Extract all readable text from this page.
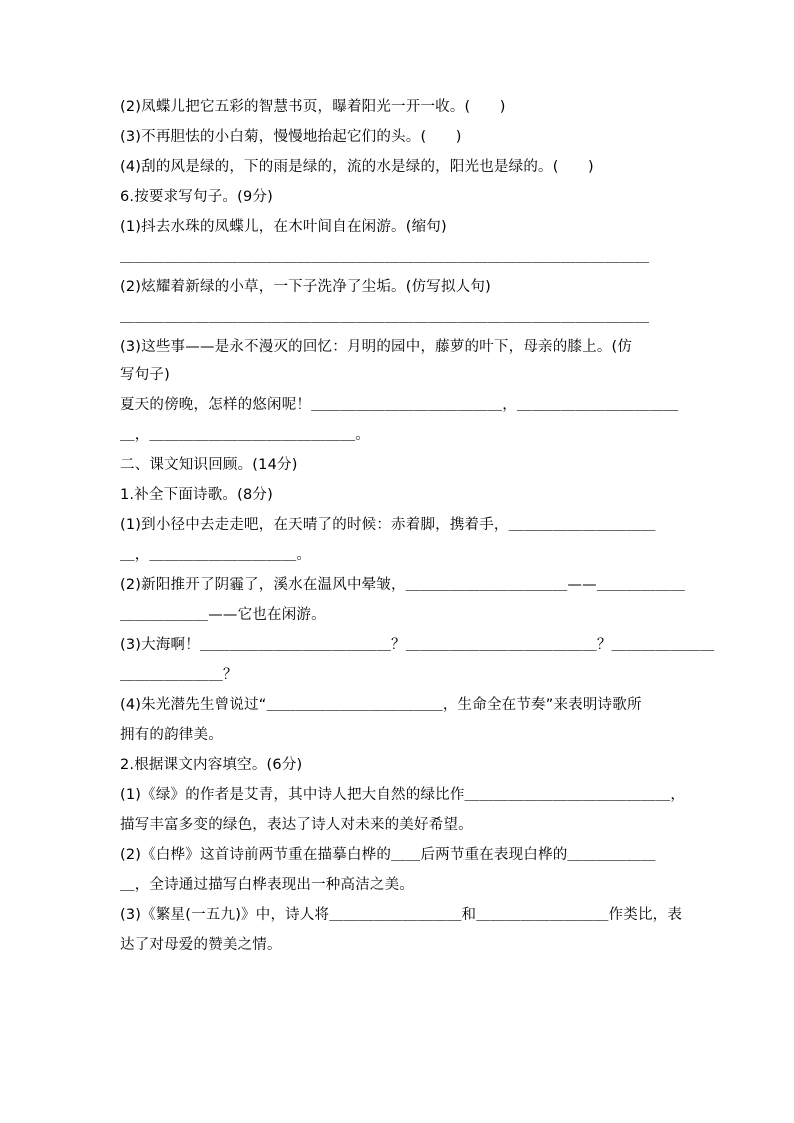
(2)凤蝶儿把它五彩的智慧书页，曝着阳光一开一收。(　　)

(3)不再胆怯的小白菊，慢慢地抬起它们的头。(　　)

(4)刮的风是绿的，下的雨是绿的，流的水是绿的，阳光也是绿的。(　　)

6.按要求写句子。(9分)

(1)抖去水珠的凤蝶儿，在木叶间自在闲游。(缩句)

＿＿＿＿＿＿＿＿＿＿＿＿＿＿＿＿＿＿＿＿＿＿＿＿＿＿＿＿＿＿＿＿＿＿＿＿

(2)炫耀着新绿的小草，一下子洗净了尘垢。(仿写拟人句)

＿＿＿＿＿＿＿＿＿＿＿＿＿＿＿＿＿＿＿＿＿＿＿＿＿＿＿＿＿＿＿＿＿＿＿＿

(3)这些事——是永不漫灭的回忆：月明的园中，藤萝的叶下，母亲的膝上。(仿

写句子)

夏天的傍晚，怎样的悠闲呢！＿＿＿＿＿＿＿＿＿＿＿＿＿，＿＿＿＿＿＿＿＿＿＿＿

＿，＿＿＿＿＿＿＿＿＿＿＿＿＿＿。

二、课文知识回顾。(14分)

1.补全下面诗歌。(8分)

(1)到小径中去走走吧，在天晴了的时候：赤着脚，携着手，＿＿＿＿＿＿＿＿＿＿

＿，＿＿＿＿＿＿＿＿＿＿。

(2)新阳推开了阴霾了，溪水在温风中晕皱，＿＿＿＿＿＿＿＿＿＿＿——＿＿＿＿＿＿

＿＿＿＿＿＿——它也在闲游。

(3)大海啊！＿＿＿＿＿＿＿＿＿＿＿＿＿？＿＿＿＿＿＿＿＿＿＿＿＿＿？＿＿＿＿＿＿＿

＿＿＿＿＿＿＿？

(4)朱光潜先生曾说过“＿＿＿＿＿＿＿＿＿＿＿＿，生命全在节奏”来表明诗歌所

拥有的韵律美。

2.根据课文内容填空。(6分)

(1)《绿》的作者是艾青，其中诗人把大自然的绿比作＿＿＿＿＿＿＿＿＿＿＿＿＿＿，

描写丰富多变的绿色，表达了诗人对未来的美好希望。

(2)《白桦》这首诗前两节重在描摹白桦的＿＿后两节重在表现白桦的＿＿＿＿＿＿

＿，全诗通过描写白桦表现出一种高洁之美。

(3)《繁星(一五九)》中，诗人将＿＿＿＿＿＿＿＿＿和＿＿＿＿＿＿＿＿＿作类比，表

达了对母爱的赞美之情。
